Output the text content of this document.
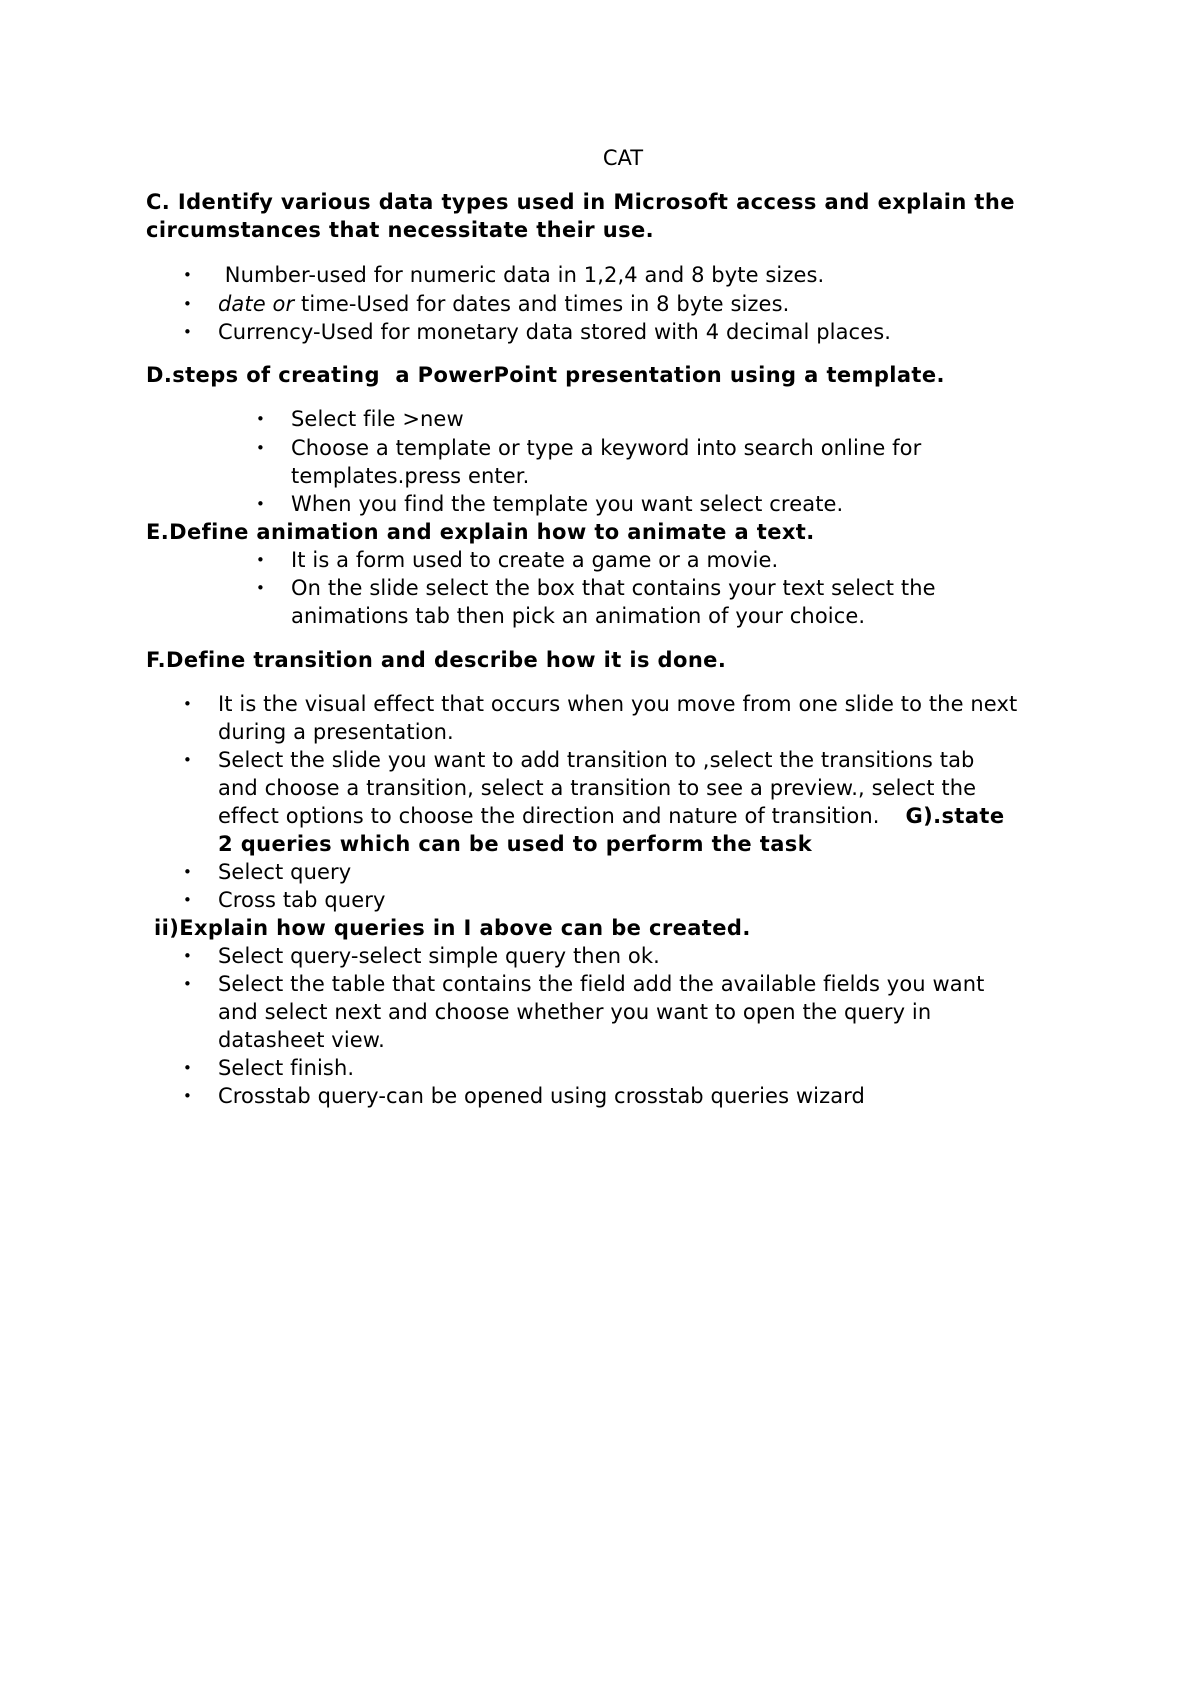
CAT
C. Identify various data types used in Microsoft access and explain the
circumstances that necessitate their use.
• Number-used for numeric data in 1,2,4 and 8 byte sizes.
• date or time-Used for dates and times in 8 byte sizes.
• Currency-Used for monetary data stored with 4 decimal places.
D.steps of creating  a PowerPoint presentation using a template.
• Select file >new
• Choose a template or type a keyword into search online for
templates.press enter.
• When you find the template you want select create.
E.Define animation and explain how to animate a text.
• It is a form used to create a game or a movie.
• On the slide select the box that contains your text select the
animations tab then pick an animation of your choice.
F.Define transition and describe how it is done.
• It is the visual effect that occurs when you move from one slide to the next
during a presentation.
• Select the slide you want to add transition to ,select the transitions tab
and choose a transition, select a transition to see a preview., select the
effect options to choose the direction and nature of transition. G).state
2 queries which can be used to perform the task
• Select query
• Cross tab query
ii)Explain how queries in I above can be created.
• Select query-select simple query then ok.
• Select the table that contains the field add the available fields you want
and select next and choose whether you want to open the query in
datasheet view.
• Select finish.
• Crosstab query-can be opened using crosstab queries wizard
